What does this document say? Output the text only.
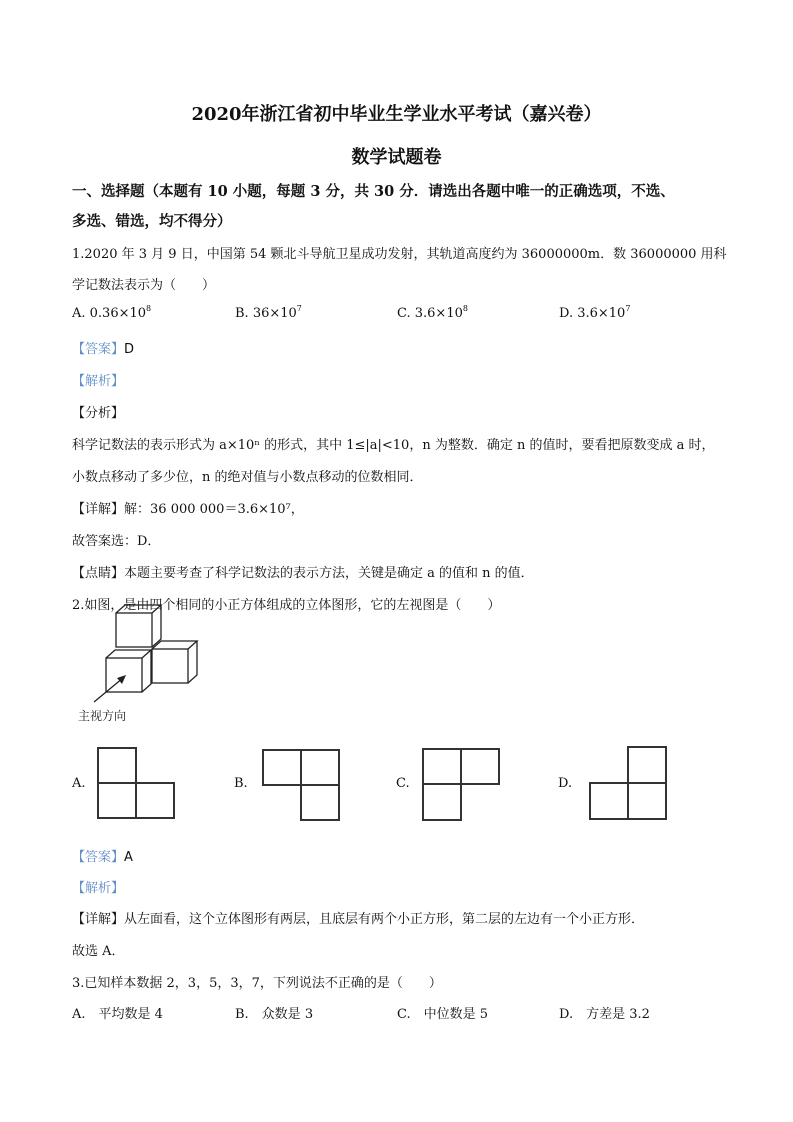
2020年浙江省初中毕业生学业水平考试（嘉兴卷）
数学试题卷
一、选择题（本题有 10 小题，每题 3 分，共 30 分．请选出各题中唯一的正确选项，不选、
多选、错选，均不得分）
1.2020 年 3 月 9 日，中国第 54 颗北斗导航卫星成功发射，其轨道高度约为 36000000m．数 36000000 用科
学记数法表示为（　　）
A. $0.36\times 10^8$	B. $36\times 10^7$	C. $3.6\times 10^8$	D. $3.6\times 10^7$
【答案】D
【解析】
【分析】
科学记数法的表示形式为 a×10ⁿ 的形式，其中 1≤|a|<10，n 为整数．确定 n 的值时，要看把原数变成 a 时，
小数点移动了多少位，n 的绝对值与小数点移动的位数相同．
【详解】解：36 000 000＝3.6×10⁷，
故答案选：D．
【点睛】本题主要考查了科学记数法的表示方法，关键是确定 a 的值和 n 的值．
2.如图，是由四个相同的小正方体组成的立体图形，它的左视图是（　　）
主视方向
A.	B.	C.	D.
【答案】A
【解析】
【详解】从左面看，这个立体图形有两层，且底层有两个小正方形，第二层的左边有一个小正方形．
故选 A．
3.已知样本数据 2，3，5，3，7，下列说法不正确的是（　　）
A.　平均数是 4	B.　众数是 3	C.　中位数是 5	D.　方差是 3.2
